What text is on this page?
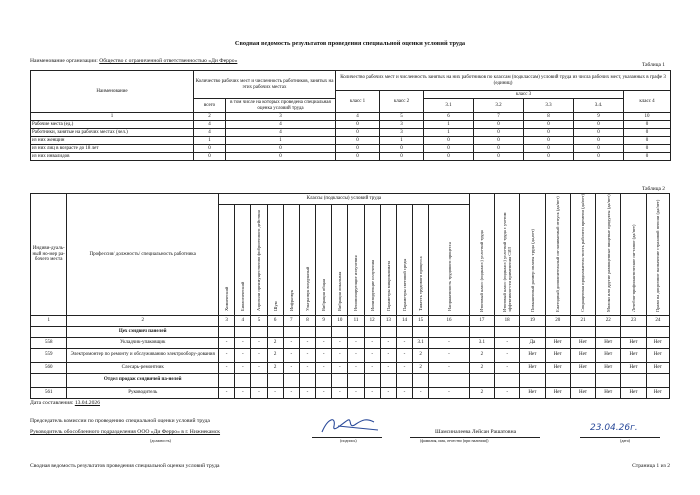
Сводная ведомость результатов проведения специальной оценки условий труда
Наименование организации: Общество с ограниченной ответственностью «Ди Ферро»
Таблица 1
Наименование	Количество рабочих мест и численность работников, занятых на этих рабочих местах		Количество рабочих мест и численность занятых на них работников по классам (подклассам) условий труда из числа рабочих мест, указанных в графе 3 (единиц)						
			класс 1	класс 2	класс 3				класс 4
	всего	в том числе на которых проведена специальная оценка условий труда			3.1	3.2	3.3	3.4.	
1	2	3	4	5	6	7	8	9	10
Рабочие места (ед.)	4	4	0	3	1	0	0	0	0
Работники, занятые на рабочих местах (чел.)	4	4	0	3	1	0	0	0	0
из них женщин	1	1	0	1	0	0	0	0	0
из них лиц в возрасте до 18 лет	0	0	0	0	0	0	0	0	0
из них инвалидов	0	0	0	0	0	0	0	0	0
Таблица 2
Индиви-дуаль-ный но-мер ра-бочего места	Профессия/ должность/ специальность работника	Классы (подклассы) условий труда														Итоговый класс (подкласс) усло-вий труда	Итоговый класс (подкласс) усло-вий труда с учетом эффективно-сти применения СИЗ	Повышенный размер оплаты труда (да,нет)	Ежегодный дополнительный оп-лачиваемый отпуск (да/нет)	Сокращенная продолжитель-ность рабочего времени (да/нет)	Молоко или другие равноценные пищевые продукты (да/нет)	Лечебно-профилактическое пи-тание (да/нет)	Право на досрочное назначение страховой пенсии (да/нет)
		Химический	Биологический	Аэрозоли преимущественно фиброгенного действия	Шум	Инфразвук	Ультразвук воздушный	Вибрация общая	Вибрация локальная	Неионизирующие излучения	Ионизирующие излучения	Параметры микроклимата	Параметры световой среды	Тяжесть трудового процесса	Напряженность трудового процесса								
1	2	3	4	5	6	7	8	9	10	11	12	13	14	15	16	17	18	19	20	21	22	23	24
	Цех сэндвич панелей																						
558	Укладчик-упаковщик	-	-	-	2	-	-	-	-	-	-	-	-	3.1	-	3.1	-	Да	Нет	Нет	Нет	Нет	Нет
559	Электромонтер по ремонту и обслуживанию электрообору-дования	-	-	-	2	-	-	-	-	-	-	-	-	2	-	2	-	Нет	Нет	Нет	Нет	Нет	Нет
560	Слесарь-ремонтник	-	-	-	2	-	-	-	-	-	-	-	-	2	-	2	-	Нет	Нет	Нет	Нет	Нет	Нет
	Отдел продаж сэндвичей па-нелей																						
561	Руководитель	-	-	-	-	-	-	-	-	-	-	-	-	-	-	2	-	Нет	Нет	Нет	Нет	Нет	Нет
Дата составления: 13.04.2026
Председатель комиссии по проведению специальной оценки условий труда
Руководитель обособленного подразделения ООО «Ди Ферро» в г. Нижнекамск
(должность)	(подпись)
Шамсиналеева Лейсан Рашатовна
(фамилия, имя, отчество (при наличии))
23.04.26г.
(дата)
Сводная ведомость результатов проведения специальной оценки условий труда	Страница 1 из 2
